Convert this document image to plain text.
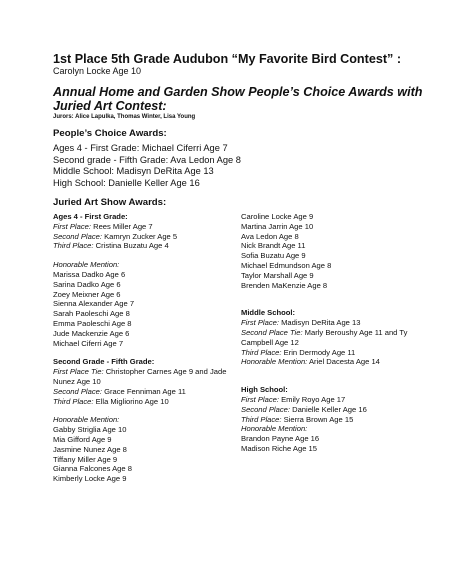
1st Place 5th Grade Audubon “My Favorite Bird Contest” :

Carolyn Locke Age 10

Annual Home and Garden Show People’s Choice Awards with Juried Art Contest:

Jurors: Alice Lapulka, Thomas Winter, Lisa Young

People’s Choice Awards:

Ages 4 - First Grade: Michael Ciferri Age 7

Second grade - Fifth Grade: Ava Ledon Age 8

Middle School: Madisyn DeRita Age 13

High School: Danielle Keller Age 16

Juried Art Show Awards:

Ages 4 - First Grade:

First Place: Rees Miller Age 7

Second Place: Kamryn Zucker Age 5

Third Place: Cristina Buzatu Age 4

Honorable Mention:

Marissa Dadko Age 6

Sarina Dadko Age 6

Zoey Meixner Age 6

Sienna Alexander Age 7

Sarah Paoleschi Age 8

Emma Paoleschi Age 8

Jude Mackenzie Age 6

Michael Ciferri Age 7

Second Grade - Fifth Grade:

First Place Tie: Christopher Carnes Age 9 and Jade Nunez Age 10

Second Place: Grace Fenniman Age 11

Third Place: Ella Migliorino Age 10

Honorable Mention:

Gabby Striglia Age 10

Mia Gifford Age 9

Jasmine Nunez Age 8

Tiffany Miller Age 9

Gianna Falcones Age 8

Kimberly Locke Age 9

Caroline Locke Age 9

Martina Jarrin Age 10

Ava Ledon Age 8

Nick Brandt Age 11

Sofia Buzatu Age 9

Michael Edmundson Age 8

Taylor Marshall Age 9

Brenden MaKenzie Age 8

Middle School:

First Place: Madisyn DeRita Age 13

Second Place Tie: Marly Beroushy Age 11 and Ty Campbell Age 12

Third Place: Erin Dermody Age 11

Honorable Mention: Ariel Dacesta Age 14

High School:

First Place: Emily Royo Age 17

Second Place: Danielle Keller Age 16

Third Place: Sierra Brown Age 15

Honorable Mention:

Brandon Payne Age 16

Madison Riche Age 15
